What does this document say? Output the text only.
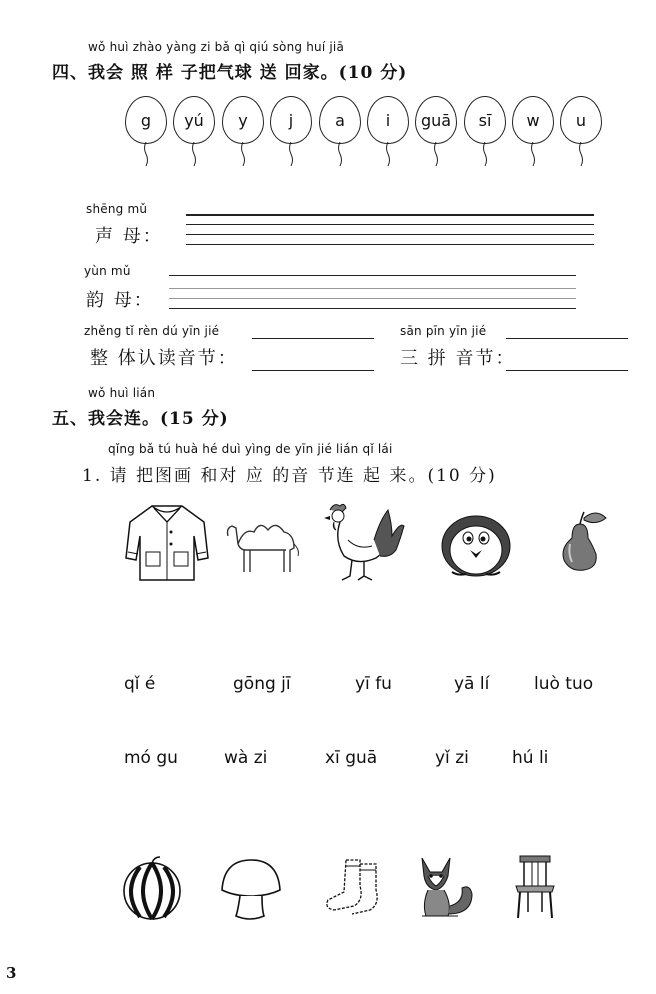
wǒ huì zhào yàng zi bǎ qì qiú sòng huí jiā
四、我会 照 样 子把气球 送 回家。(10 分)
g	yú	y	j	a	i	guā	sī	w	u
shēng mǔ
声 母：
yùn mǔ
韵 母：
zhěng tǐ rèn dú yīn jié
整 体认读音节：
sān pīn yīn jié
三 拼 音节：
wǒ huì lián
五、我会连。(15 分)
qǐng bǎ tú huà hé duì yìng de yīn jié lián qǐ lái
1. 请 把图画 和对 应 的音 节连 起 来。(10 分)
qǐ é	gōng jī	yī fu	yā lí	luò tuo
mó gu	wà zi	xī guā	yǐ zi	hú li
3
